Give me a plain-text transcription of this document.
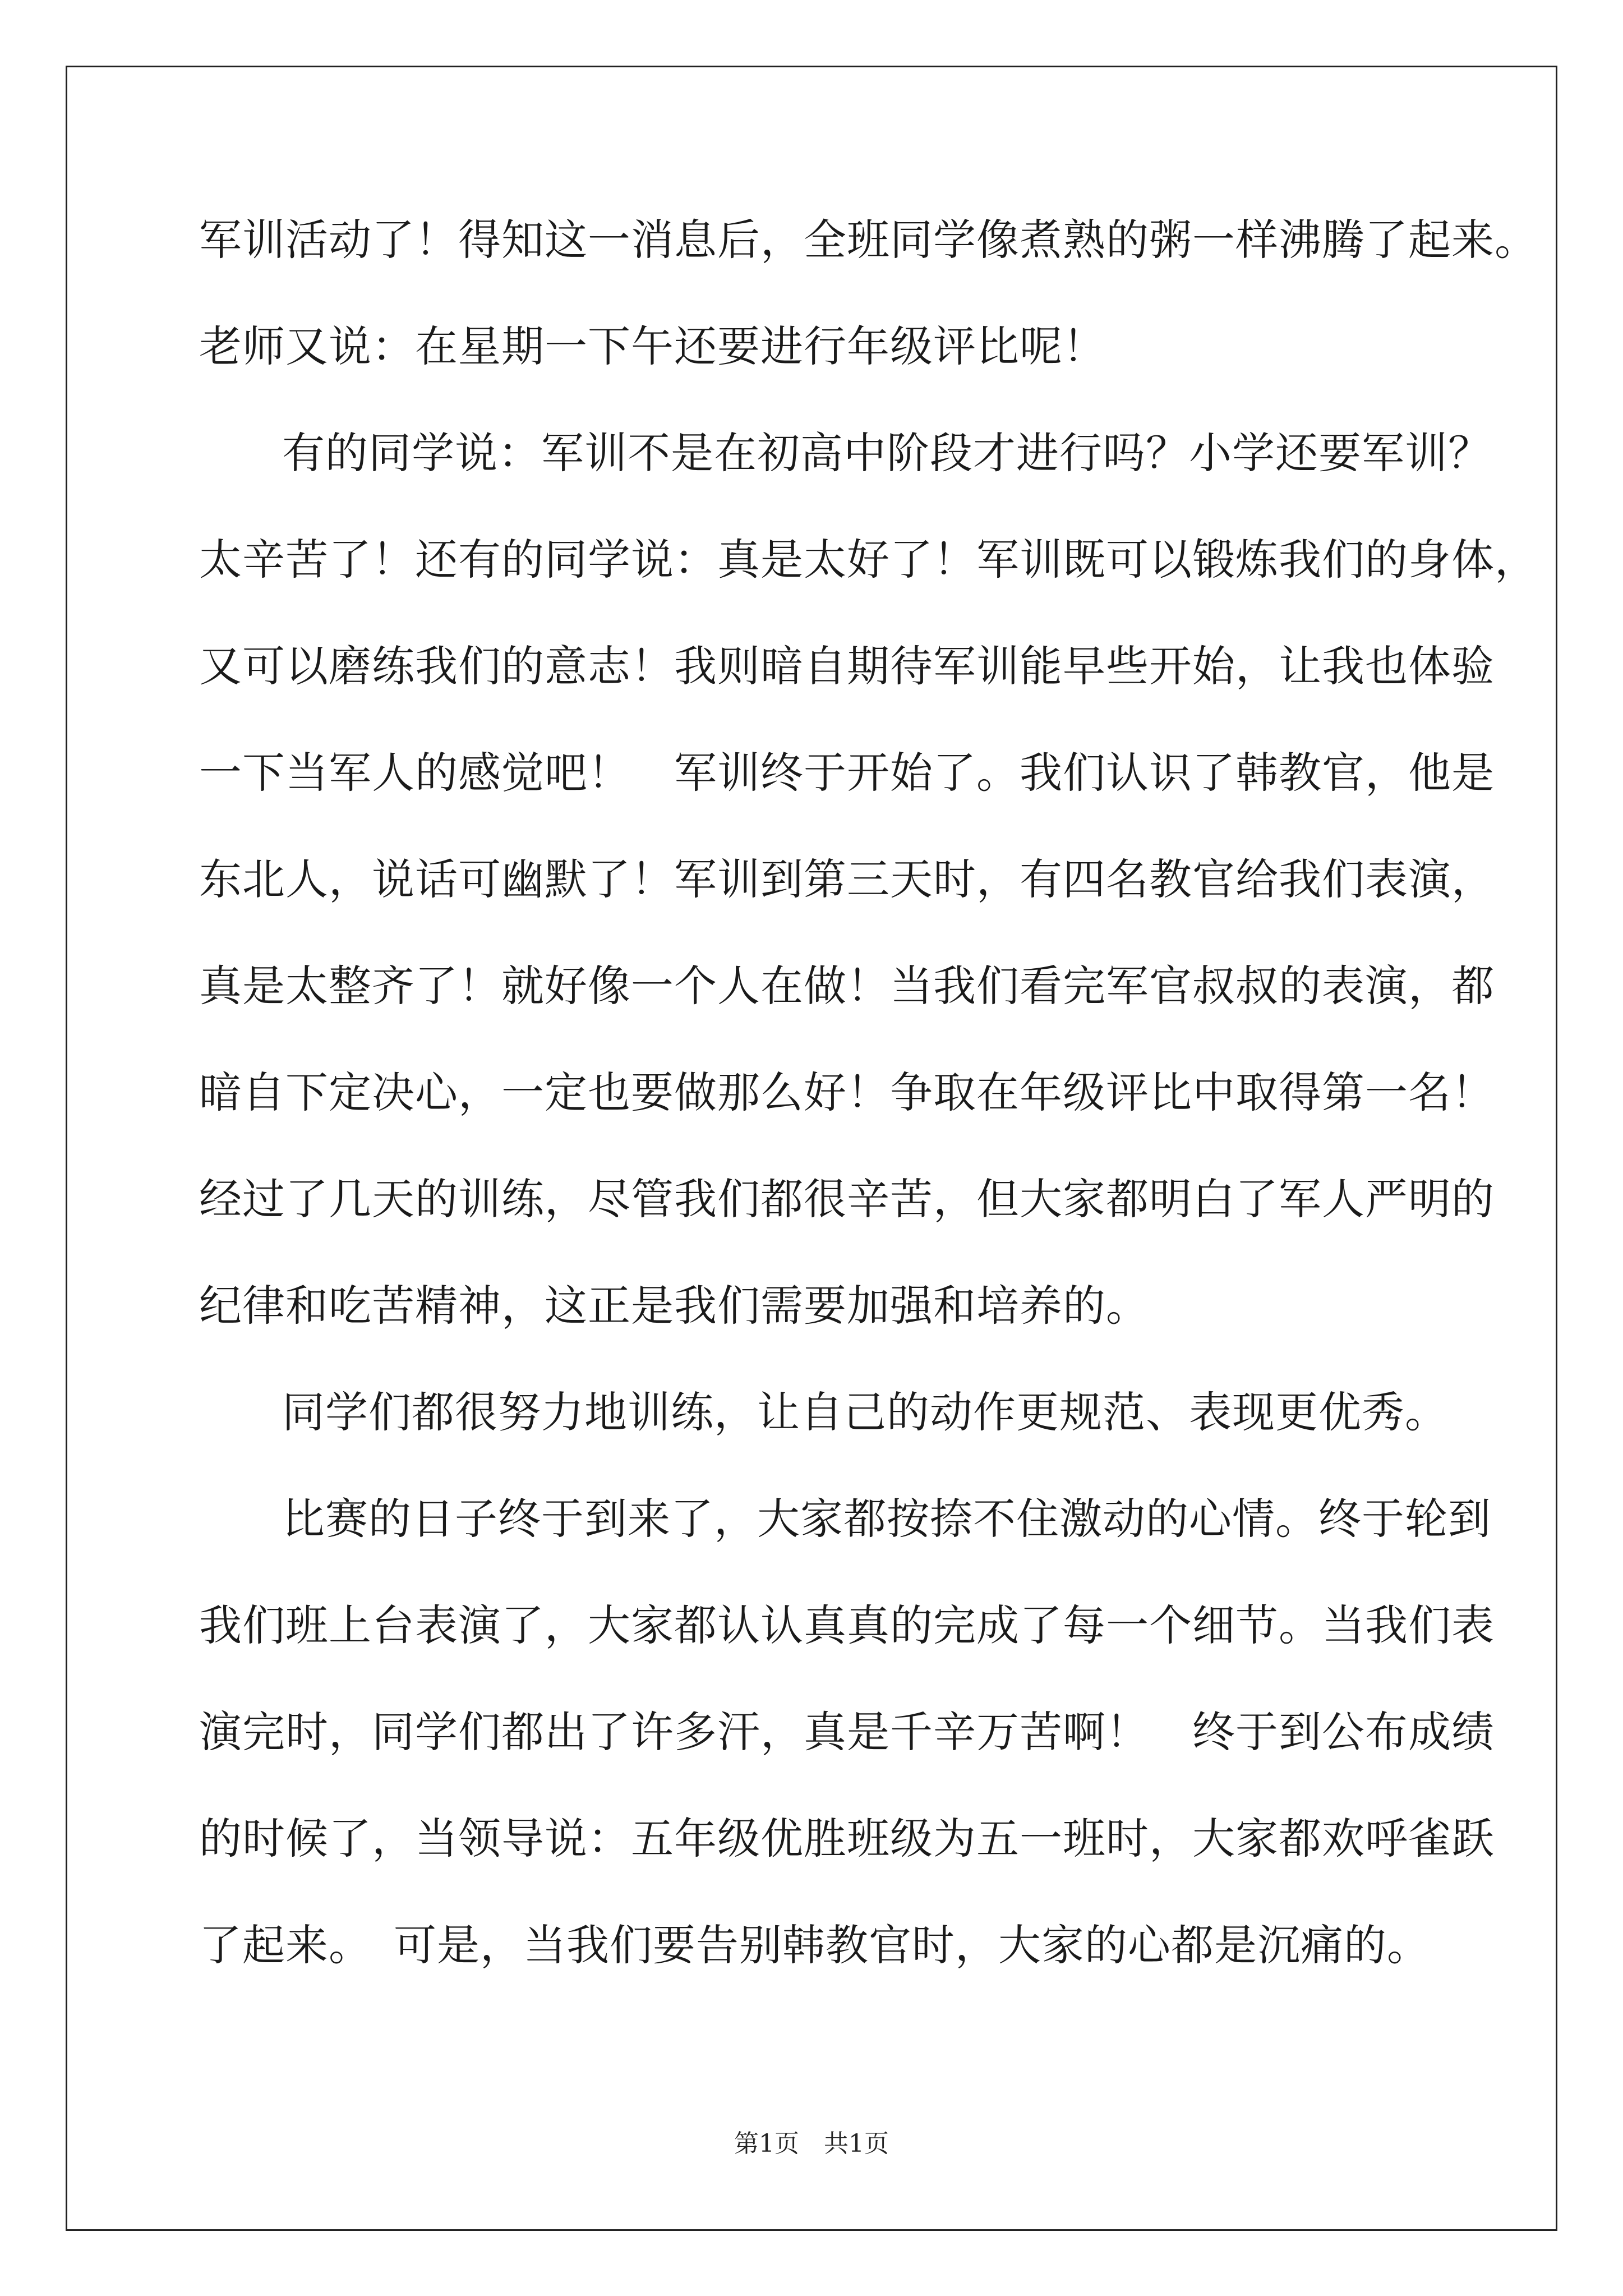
军训活动了！得知这一消息后，全班同学像煮熟的粥一样沸腾了起来。
老师又说：在星期一下午还要进行年级评比呢！
有的同学说：军训不是在初高中阶段才进行吗？小学还要军训？
太辛苦了！还有的同学说：真是太好了！军训既可以锻炼我们的身体，
又可以磨练我们的意志！我则暗自期待军训能早些开始，让我也体验
一下当军人的感觉吧！　军训终于开始了。我们认识了韩教官，他是
东北人，说话可幽默了！军训到第三天时，有四名教官给我们表演，
真是太整齐了！就好像一个人在做！当我们看完军官叔叔的表演，都
暗自下定决心，一定也要做那么好！争取在年级评比中取得第一名！
经过了几天的训练，尽管我们都很辛苦，但大家都明白了军人严明的
纪律和吃苦精神，这正是我们需要加强和培养的。
同学们都很努力地训练，让自己的动作更规范、表现更优秀。
比赛的日子终于到来了，大家都按捺不住激动的心情。终于轮到
我们班上台表演了，大家都认认真真的完成了每一个细节。当我们表
演完时，同学们都出了许多汗，真是千辛万苦啊！　终于到公布成绩
的时候了，当领导说：五年级优胜班级为五一班时，大家都欢呼雀跃
了起来。　可是，当我们要告别韩教官时，大家的心都是沉痛的。
第1页　共1页
